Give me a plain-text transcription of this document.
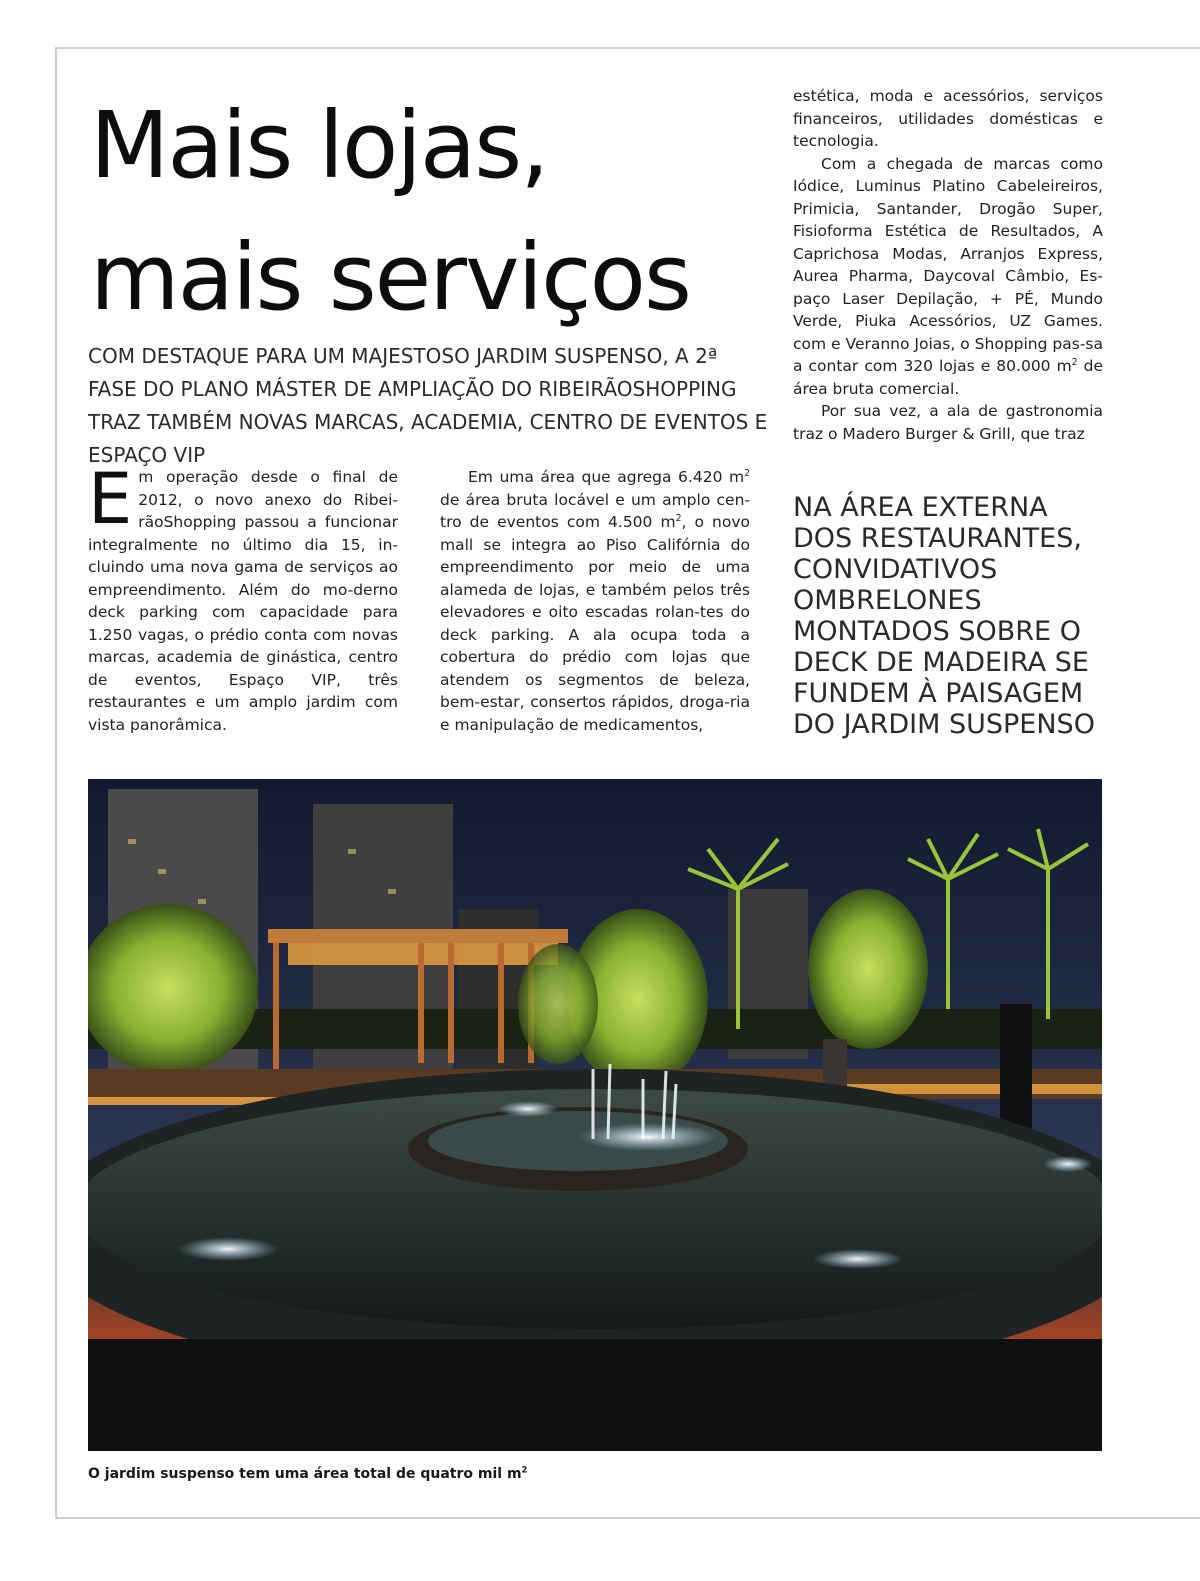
Mais lojas,
mais serviços

COM DESTAQUE PARA UM MAJESTOSO JARDIM SUSPENSO, A 2ª FASE DO PLANO MÁSTER DE AMPLIAÇÃO DO RIBEIRÃOSHOPPING TRAZ TAMBÉM NOVAS MARCAS, ACADEMIA, CENTRO DE EVENTOS E ESPAÇO VIP

Em operação desde o final de 2012, o novo anexo do Ribei-rãoShopping passou a funcionar integralmente no último dia 15, in-cluindo uma nova gama de serviços ao empreendimento. Além do mo-derno deck parking com capacidade para 1.250 vagas, o prédio conta com novas marcas, academia de ginástica, centro de eventos, Espaço VIP, três restaurantes e um amplo jardim com vista panorâmica.

Em uma área que agrega 6.420 $m^2$ de área bruta locável e um amplo cen-tro de eventos com 4.500 $m^2$, o novo mall se integra ao Piso Califórnia do empreendimento por meio de uma alameda de lojas, e também pelos três elevadores e oito escadas rolan-tes do deck parking. A ala ocupa toda a cobertura do prédio com lojas que atendem os segmentos de beleza, bem-estar, consertos rápidos, droga-ria e manipulação de medicamentos,

estética, moda e acessórios, serviços financeiros, utilidades domésticas e tecnologia.

Com a chegada de marcas como Iódice, Luminus Platino Cabeleireiros, Primicia, Santander, Drogão Super, Fisioforma Estética de Resultados, A Caprichosa Modas, Arranjos Express, Aurea Pharma, Daycoval Câmbio, Es-paço Laser Depilação, + PÉ, Mundo Verde, Piuka Acessórios, UZ Games. com e Veranno Joias, o Shopping pas-sa a contar com 320 lojas e 80.000 $m^2$ de área bruta comercial.

Por sua vez, a ala de gastronomia traz o Madero Burger & Grill, que traz

NA ÁREA EXTERNA DOS RESTAURANTES, CONVIDATIVOS OMBRELONES MONTADOS SOBRE O DECK DE MADEIRA SE FUNDEM À PAISAGEM DO JARDIM SUSPENSO

O jardim suspenso tem uma área total de quatro mil $m^2$
